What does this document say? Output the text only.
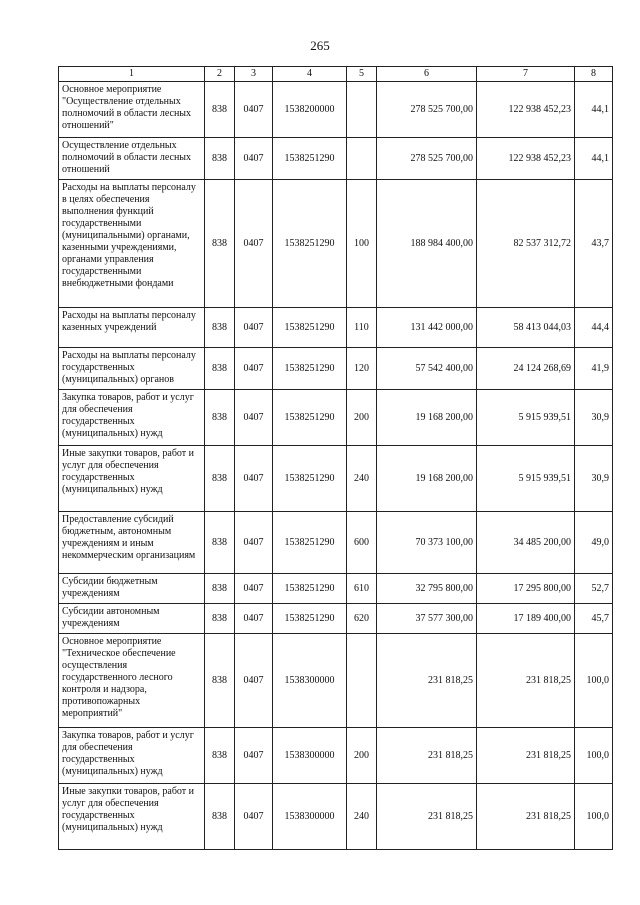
265
1	2	3	4	5	6	7	8
Основное мероприятие "Осуществление отдельных полномочий в области лесных отношений"	838	0407	1538200000		278 525 700,00	122 938 452,23	44,1
Осуществление отдельных полномочий в области лесных отношений	838	0407	1538251290		278 525 700,00	122 938 452,23	44,1
Расходы на выплаты персоналу в целях обеспечения выполнения функций государственными (муниципальными) органами, казенными учреждениями, органами управления государственными внебюджетными фондами	838	0407	1538251290	100	188 984 400,00	82 537 312,72	43,7
Расходы на выплаты персоналу казенных учреждений	838	0407	1538251290	110	131 442 000,00	58 413 044,03	44,4
Расходы на выплаты персоналу государственных (муниципальных) органов	838	0407	1538251290	120	57 542 400,00	24 124 268,69	41,9
Закупка товаров, работ и услуг для обеспечения государственных (муниципальных) нужд	838	0407	1538251290	200	19 168 200,00	5 915 939,51	30,9
Иные закупки товаров, работ и услуг для обеспечения государственных (муниципальных) нужд	838	0407	1538251290	240	19 168 200,00	5 915 939,51	30,9
Предоставление субсидий бюджетным, автономным учреждениям и иным некоммерческим организациям	838	0407	1538251290	600	70 373 100,00	34 485 200,00	49,0
Субсидии бюджетным учреждениям	838	0407	1538251290	610	32 795 800,00	17 295 800,00	52,7
Субсидии автономным учреждениям	838	0407	1538251290	620	37 577 300,00	17 189 400,00	45,7
Основное мероприятие "Техническое обеспечение осуществления государственного лесного контроля и надзора, противопожарных мероприятий"	838	0407	1538300000		231 818,25	231 818,25	100,0
Закупка товаров, работ и услуг для обеспечения государственных (муниципальных) нужд	838	0407	1538300000	200	231 818,25	231 818,25	100,0
Иные закупки товаров, работ и услуг для обеспечения государственных (муниципальных) нужд	838	0407	1538300000	240	231 818,25	231 818,25	100,0
